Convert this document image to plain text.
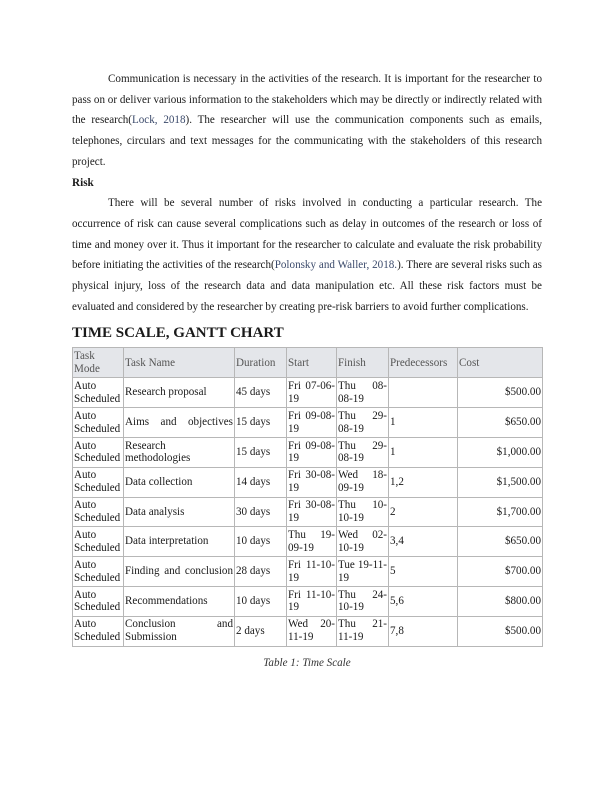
Communication is necessary in the activities of the research. It is important for the researcher to pass on or deliver various information to the stakeholders which may be directly or indirectly related with the research(Lock, 2018). The researcher will use the communication components such as emails, telephones, circulars and text messages for the communicating with the stakeholders of this research project.

Risk

There will be several number of risks involved in conducting a particular research. The occurrence of risk can cause several complications such as delay in outcomes of the research or loss of time and money over it. Thus it important for the researcher to calculate and evaluate the risk probability before initiating the activities of the research(Polonsky and Waller, 2018.). There are several risks such as physical injury, loss of the research data and data manipulation etc. All these risk factors must be evaluated and considered by the researcher by creating pre-risk barriers to avoid further complications.

TIME SCALE, GANTT CHART
Task Mode	Task Name	Duration	Start	Finish	Predecessors	Cost
Auto Scheduled	Research proposal	45 days	Fri 07-06-19	Thu 08-08-19		$500.00
Auto Scheduled	Aims and objectives	15 days	Fri 09-08-19	Thu 29-08-19	1	$650.00
Auto Scheduled	Research methodologies	15 days	Fri 09-08-19	Thu 29-08-19	1	$1,000.00
Auto Scheduled	Data collection	14 days	Fri 30-08-19	Wed 18-09-19	1,2	$1,500.00
Auto Scheduled	Data analysis	30 days	Fri 30-08-19	Thu 10-10-19	2	$1,700.00
Auto Scheduled	Data interpretation	10 days	Thu 19-09-19	Wed 02-10-19	3,4	$650.00
Auto Scheduled	Finding and conclusion	28 days	Fri 11-10-19	Tue 19-11-19	5	$700.00
Auto Scheduled	Recommendations	10 days	Fri 11-10-19	Thu 24-10-19	5,6	$800.00
Auto Scheduled	Conclusion and Submission	2 days	Wed 20-11-19	Thu 21-11-19	7,8	$500.00
Table 1: Time Scale
